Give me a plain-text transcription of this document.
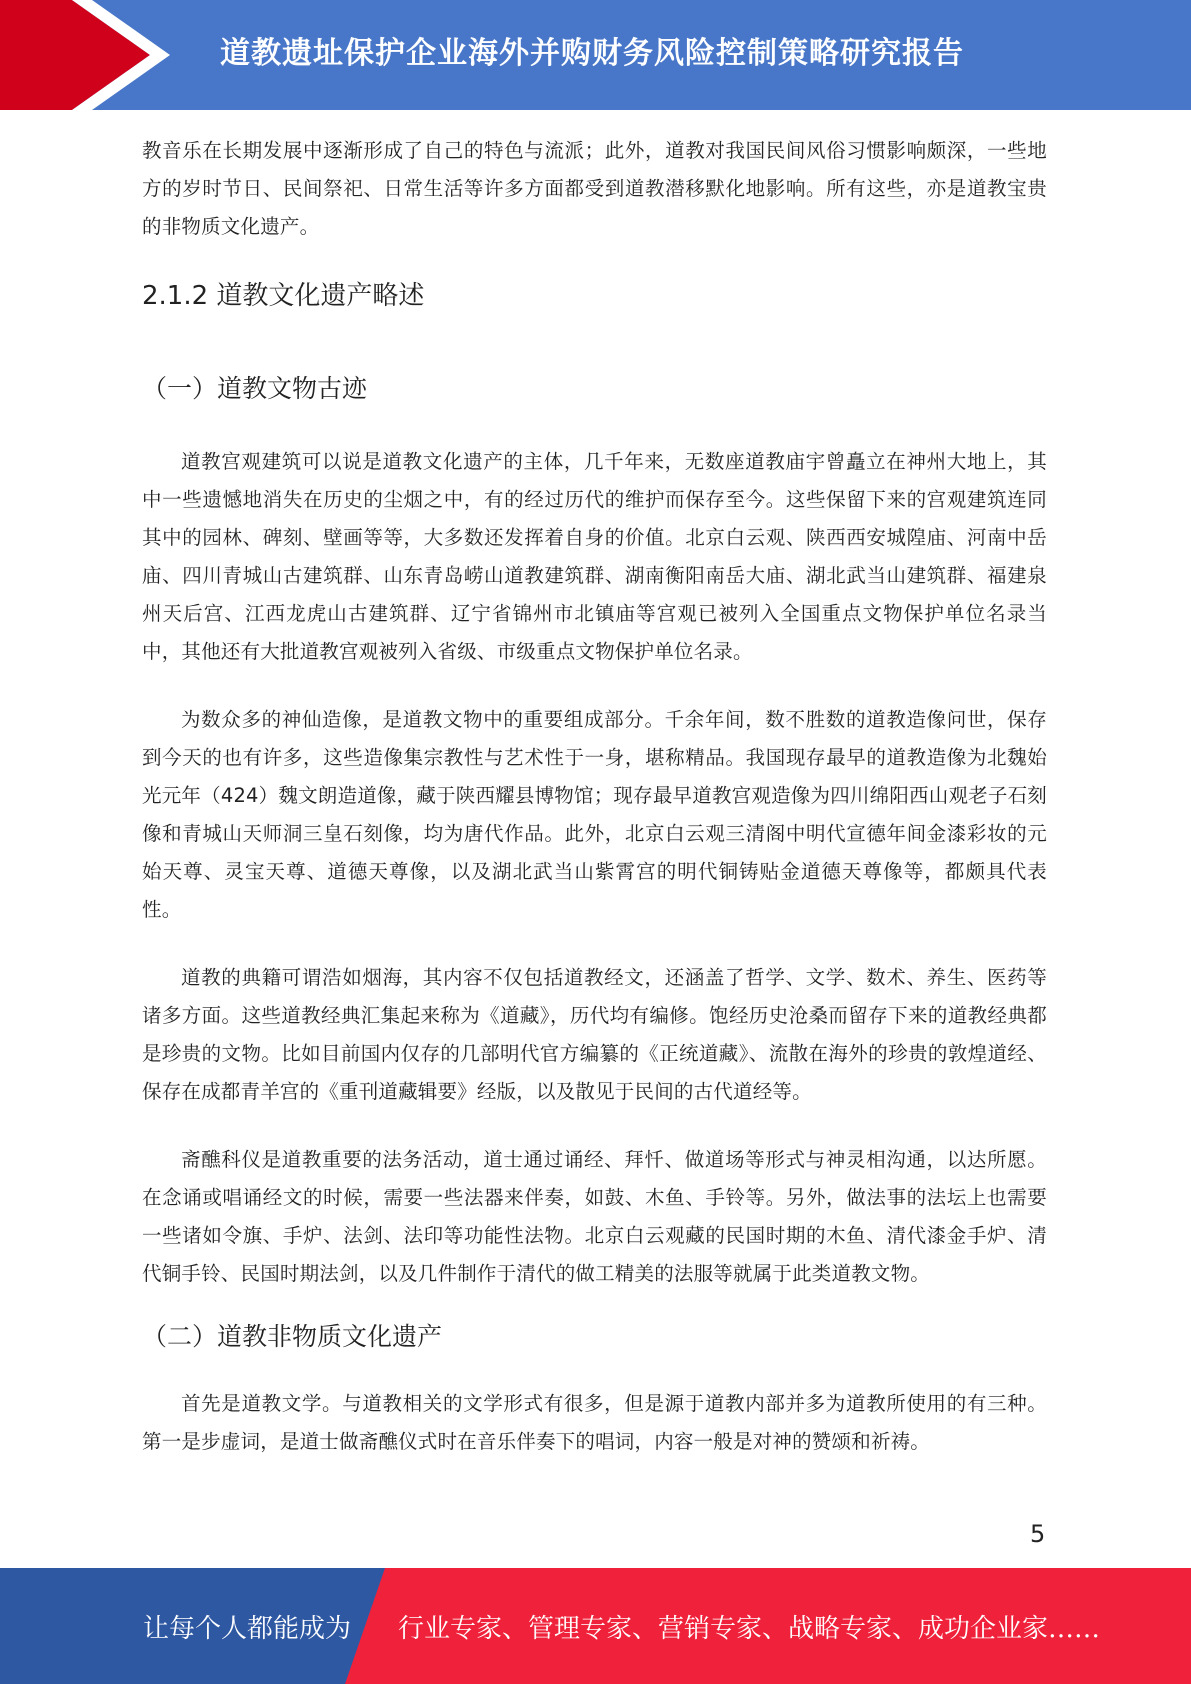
道教遗址保护企业海外并购财务风险控制策略研究报告

教音乐在长期发展中逐渐形成了自己的特色与流派；此外，道教对我国民间风俗习惯影响颇深，一些地方的岁时节日、民间祭祀、日常生活等许多方面都受到道教潜移默化地影响。所有这些，亦是道教宝贵的非物质文化遗产。

2.1.2 道教文化遗产略述
（一）道教文物古迹

道教宫观建筑可以说是道教文化遗产的主体，几千年来，无数座道教庙宇曾矗立在神州大地上，其中一些遗憾地消失在历史的尘烟之中，有的经过历代的维护而保存至今。这些保留下来的宫观建筑连同其中的园林、碑刻、壁画等等，大多数还发挥着自身的价值。北京白云观、陕西西安城隍庙、河南中岳庙、四川青城山古建筑群、山东青岛崂山道教建筑群、湖南衡阳南岳大庙、湖北武当山建筑群、福建泉州天后宫、江西龙虎山古建筑群、辽宁省锦州市北镇庙等宫观已被列入全国重点文物保护单位名录当中，其他还有大批道教宫观被列入省级、市级重点文物保护单位名录。

为数众多的神仙造像，是道教文物中的重要组成部分。千余年间，数不胜数的道教造像问世，保存到今天的也有许多，这些造像集宗教性与艺术性于一身，堪称精品。我国现存最早的道教造像为北魏始光元年（424）魏文朗造道像，藏于陕西耀县博物馆；现存最早道教宫观造像为四川绵阳西山观老子石刻像和青城山天师洞三皇石刻像，均为唐代作品。此外，北京白云观三清阁中明代宣德年间金漆彩妆的元始天尊、灵宝天尊、道德天尊像，以及湖北武当山紫霄宫的明代铜铸贴金道德天尊像等，都颇具代表性。

道教的典籍可谓浩如烟海，其内容不仅包括道教经文，还涵盖了哲学、文学、数术、养生、医药等诸多方面。这些道教经典汇集起来称为《道藏》，历代均有编修。饱经历史沧桑而留存下来的道教经典都是珍贵的文物。比如目前国内仅存的几部明代官方编纂的《正统道藏》、流散在海外的珍贵的敦煌道经、保存在成都青羊宫的《重刊道藏辑要》经版，以及散见于民间的古代道经等。

斋醮科仪是道教重要的法务活动，道士通过诵经、拜忏、做道场等形式与神灵相沟通，以达所愿。在念诵或唱诵经文的时候，需要一些法器来伴奏，如鼓、木鱼、手铃等。另外，做法事的法坛上也需要一些诸如令旗、手炉、法剑、法印等功能性法物。北京白云观藏的民国时期的木鱼、清代漆金手炉、清代铜手铃、民国时期法剑，以及几件制作于清代的做工精美的法服等就属于此类道教文物。

（二）道教非物质文化遗产

首先是道教文学。与道教相关的文学形式有很多，但是源于道教内部并多为道教所使用的有三种。第一是步虚词，是道士做斋醮仪式时在音乐伴奏下的唱词，内容一般是对神的赞颂和祈祷。

5
让每个人都能成为 行业专家、管理专家、营销专家、战略专家、成功企业家……
